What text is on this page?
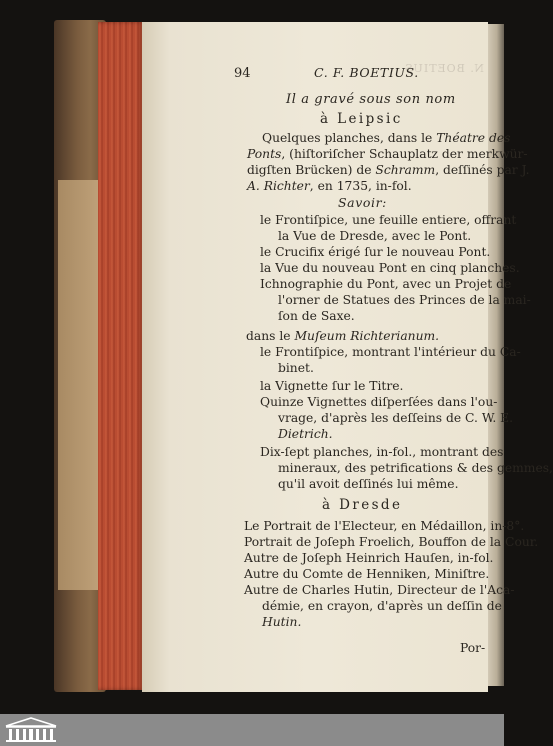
N. BOETIUS.
94	C. F. BOETIUS.
Il a gravé sous son nom
à Leipsic
Quelques planches, dans le Théatre des
Ponts, (hiſtoriſcher Schauplatz der merkwür-
digſten Brücken) de Schramm, deſſinés par J.
A. Richter, en 1735, in-fol.
Savoir:
le Frontiſpice, une feuille entiere, offrant
la Vue de Dresde, avec le Pont.
le Crucifix érigé ſur le nouveau Pont.
la Vue du nouveau Pont en cinq planches.
Ichnographie du Pont, avec un Projet de
l'orner de Statues des Princes de la mai-
ſon de Saxe.
dans le Muſeum Richterianum.
le Frontiſpice, montrant l'intérieur du Ca-
binet.
la Vignette ſur le Titre.
Quinze Vignettes diſperſées dans l'ou-
vrage, d'après les deſſeins de C. W. E.
Dietrich.
Dix-ſept planches, in-fol., montrant des
mineraux, des petrifications & des gemmes,
qu'il avoit deſſinés lui même.
à Dresde
Le Portrait de l'Electeur, en Médaillon, in-8°.
Portrait de Joſeph Froelich, Bouffon de la Cour.
Autre de Joſeph Heinrich Hauſen, in-fol.
Autre du Comte de Henniken, Miniſtre.
Autre de Charles Hutin, Directeur de l'Aca-
démie, en crayon, d'après un deſſin de
Hutin.
Por-
